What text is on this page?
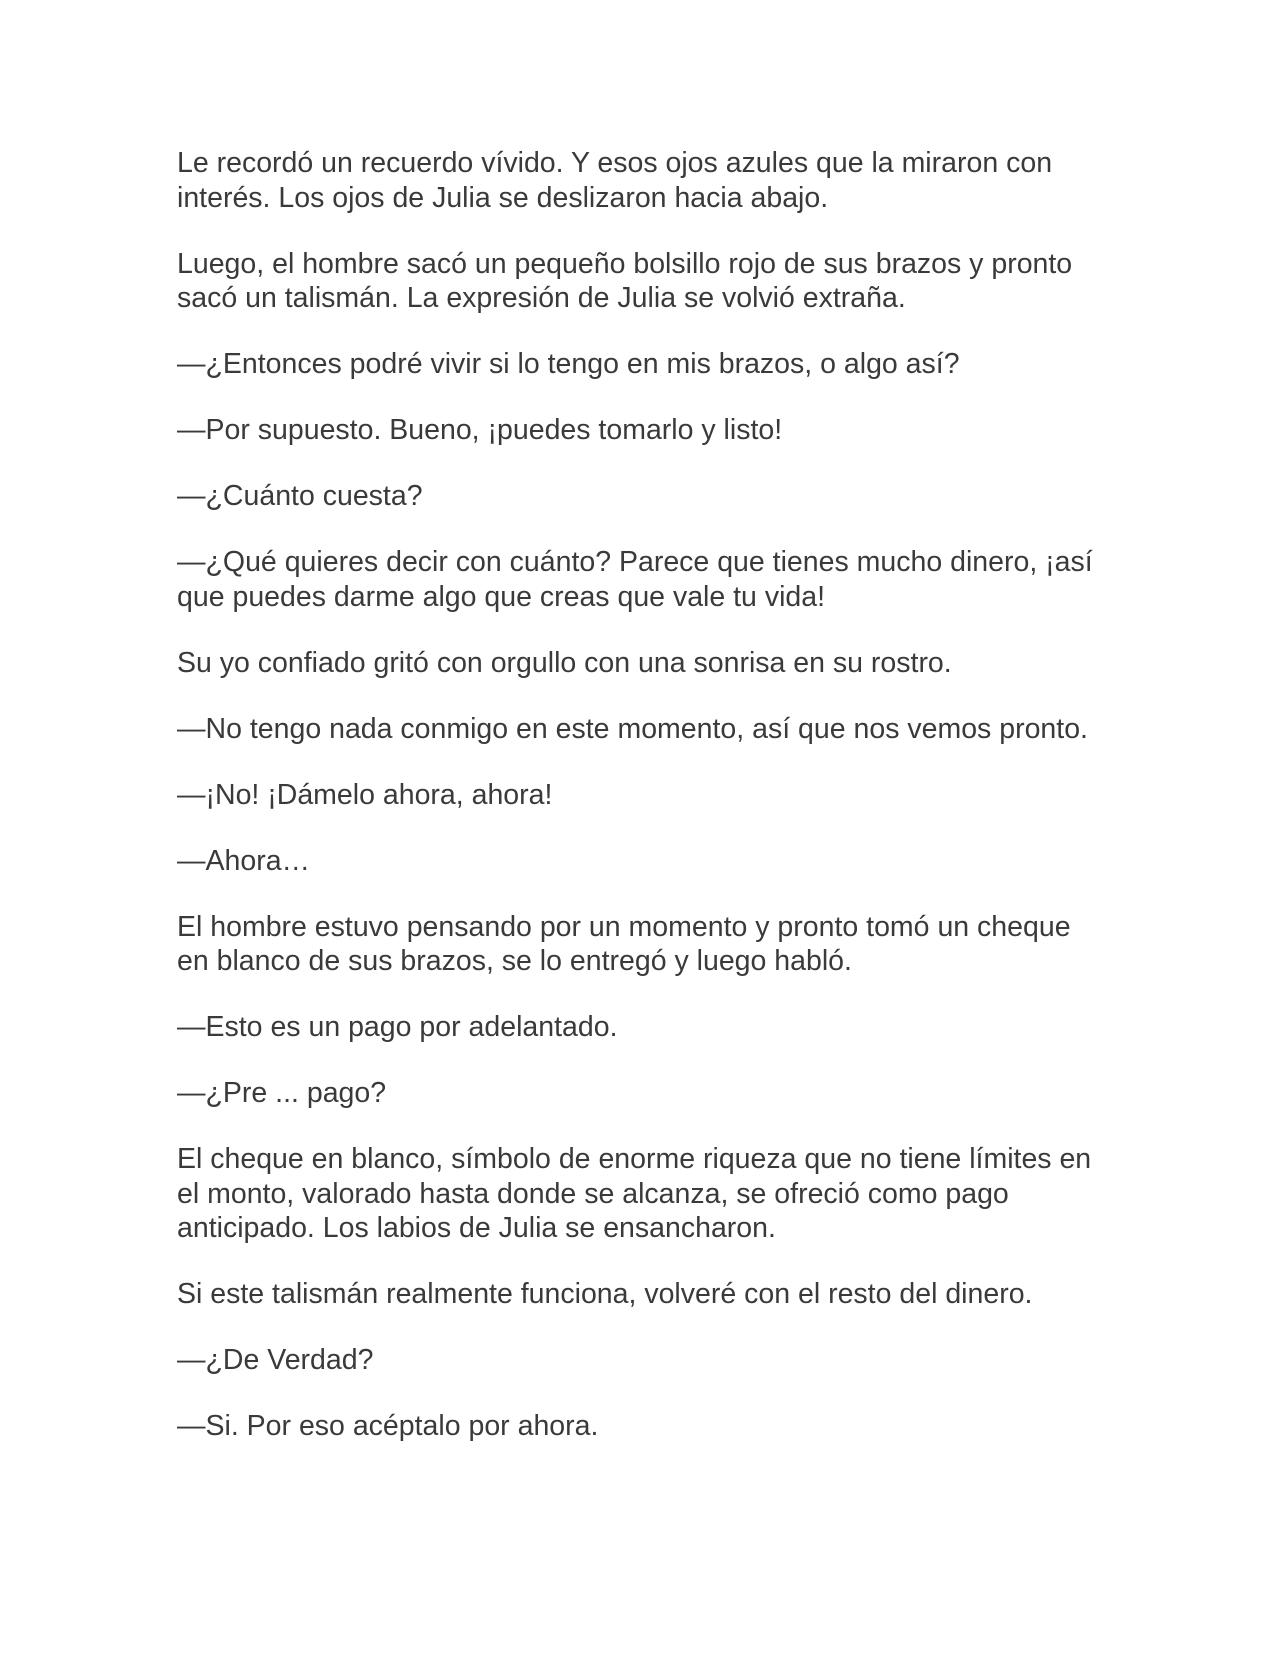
Le recordó un recuerdo vívido. Y esos ojos azules que la miraron con interés. Los ojos de Julia se deslizaron hacia abajo.

Luego, el hombre sacó un pequeño bolsillo rojo de sus brazos y pronto sacó un talismán. La expresión de Julia se volvió extraña.

—¿Entonces podré vivir si lo tengo en mis brazos, o algo así?

—Por supuesto. Bueno, ¡puedes tomarlo y listo!

—¿Cuánto cuesta?

—¿Qué quieres decir con cuánto? Parece que tienes mucho dinero, ¡así que puedes darme algo que creas que vale tu vida!

Su yo confiado gritó con orgullo con una sonrisa en su rostro.

—No tengo nada conmigo en este momento, así que nos vemos pronto.

—¡No! ¡Dámelo ahora, ahora!

—Ahora…

El hombre estuvo pensando por un momento y pronto tomó un cheque en blanco de sus brazos, se lo entregó y luego habló.

—Esto es un pago por adelantado.

—¿Pre ... pago?

El cheque en blanco, símbolo de enorme riqueza que no tiene límites en el monto, valorado hasta donde se alcanza, se ofreció como pago anticipado. Los labios de Julia se ensancharon.

Si este talismán realmente funciona, volveré con el resto del dinero.

—¿De Verdad?

—Si. Por eso acéptalo por ahora.
